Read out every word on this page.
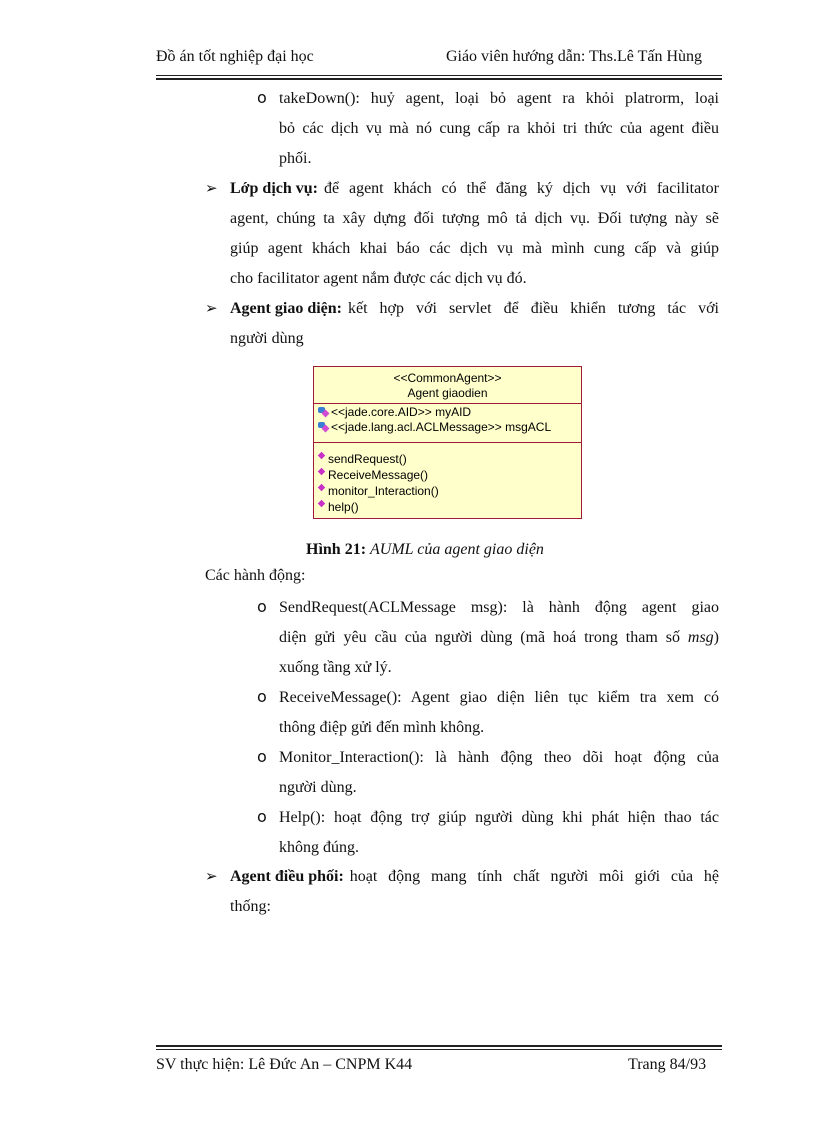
Đồ án tốt nghiệp đại học	Giáo viên hướng dẫn: Ths.Lê Tấn Hùng
o takeDown(): huỷ agent, loại bỏ agent ra khỏi platrorm, loại
bỏ các dịch vụ mà nó cung cấp ra khỏi tri thức của agent điều
phối.
➢ Lớp dịch vụ: để agent khách có thể đăng ký dịch vụ với facilitator
agent, chúng ta xây dựng đối tượng mô tả dịch vụ. Đối tượng này sẽ
giúp agent khách khai báo các dịch vụ mà mình cung cấp và giúp
cho facilitator agent nắm được các dịch vụ đó.
➢ Agent giao diện: kết hợp với servlet để điều khiển tương tác với
người dùng
<<CommonAgent>>
Agent giaodien
<<jade.core.AID>> myAID
<<jade.lang.acl.ACLMessage>> msgACL
sendRequest()
ReceiveMessage()
monitor_Interaction()
help()
Hình 21: AUML của agent giao diện
Các hành động:
o SendRequest(ACLMessage msg): là hành động agent giao
diện gửi yêu cầu của người dùng (mã hoá trong tham số msg)
xuống tầng xử lý.
o ReceiveMessage(): Agent giao diện liên tục kiểm tra xem có
thông điệp gửi đến mình không.
o Monitor_Interaction(): là hành động theo dõi hoạt động của
người dùng.
o Help(): hoạt động trợ giúp người dùng khi phát hiện thao tác
không đúng.
➢ Agent điều phối: hoạt động mang tính chất người môi giới của hệ
thống:
SV thực hiện: Lê Đức An – CNPM K44	Trang 84/93
